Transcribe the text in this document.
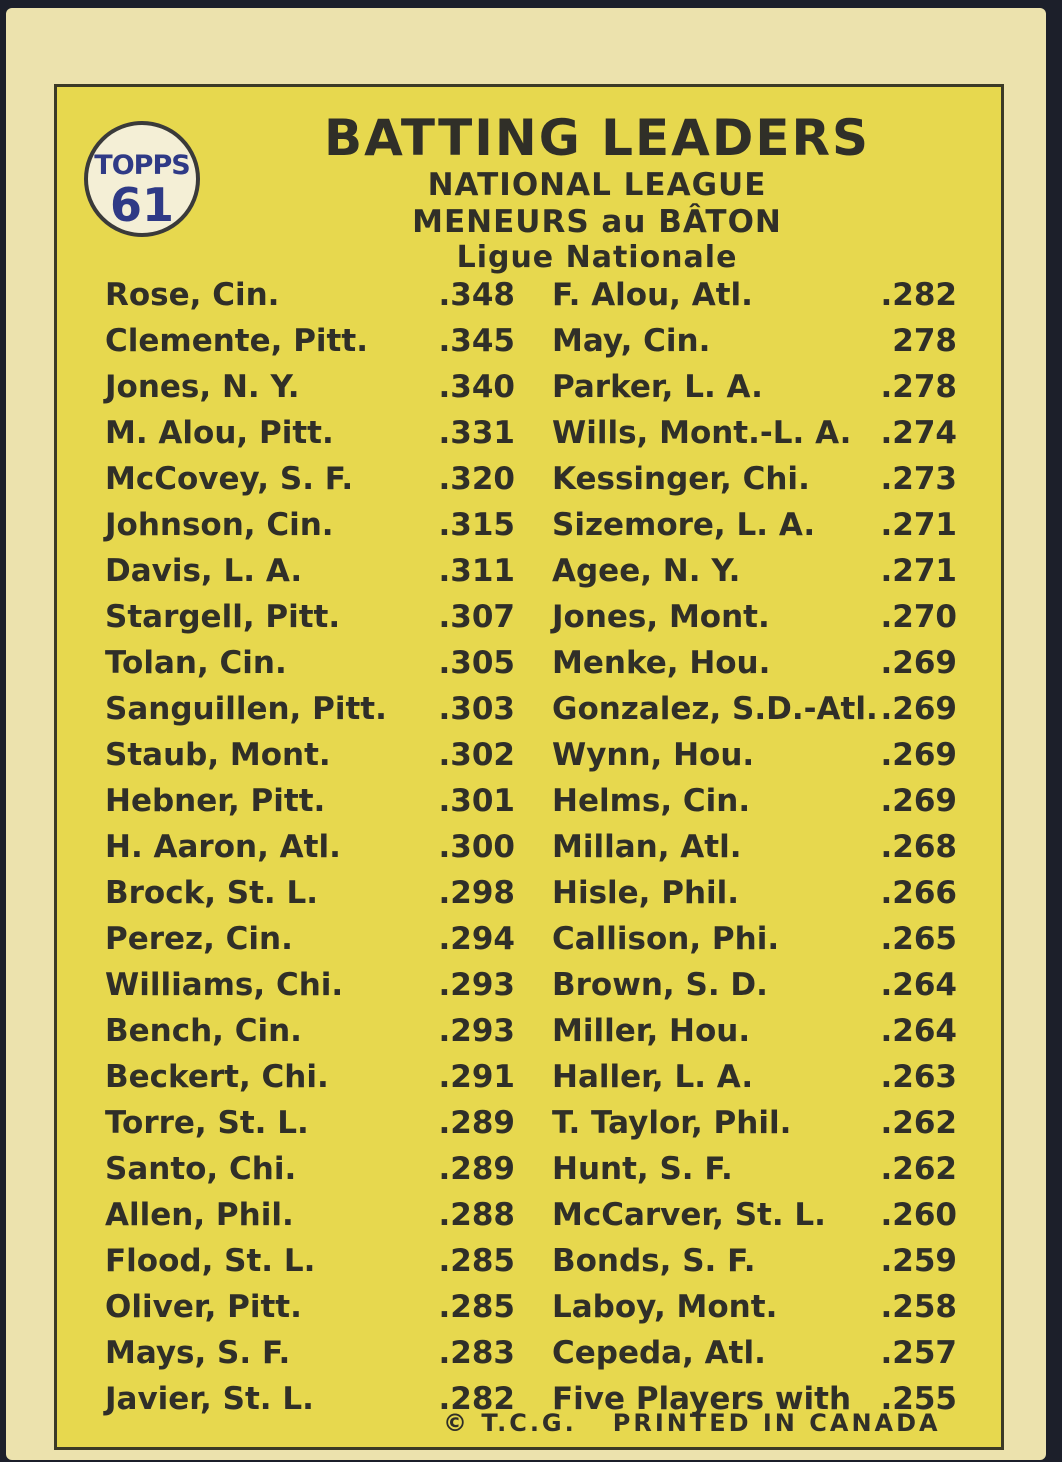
TOPPS
61
BATTING LEADERS
NATIONAL LEAGUE
MENEURS au BÂTON
Ligue Nationale
Rose, Cin.	.348 F. Alou, Atl.	.282
Clemente, Pitt. .345 May, Cin.	278
Jones, N. Y.	.340 Parker, L. A.	.278
M. Alou, Pitt.	.331 Wills, Mont.-L. A. .274
McCovey, S. F.	.320 Kessinger, Chi. .273
Johnson, Cin.	.315 Sizemore, L. A. .271
Davis, L. A.	.311 Agee, N. Y.	.271
Stargell, Pitt.	.307 Jones, Mont.	.270
Tolan, Cin.	.305 Menke, Hou.	.269
Sanguillen, Pitt. .303 Gonzalez, S.D.-Atl. .269
Staub, Mont.	.302 Wynn, Hou.	.269
Hebner, Pitt.	.301 Helms, Cin.	.269
H. Aaron, Atl.	.300 Millan, Atl.	.268
Brock, St. L.	.298 Hisle, Phil.	.266
Perez, Cin.	.294 Callison, Phi.	.265
Williams, Chi.	.293 Brown, S. D.	.264
Bench, Cin.	.293 Miller, Hou.	.264
Beckert, Chi.	.291 Haller, L. A.	.263
Torre, St. L.	.289 T. Taylor, Phil.	.262
Santo, Chi.	.289 Hunt, S. F.	.262
Allen, Phil.	.288 McCarver, St. L. .260
Flood, St. L.	.285 Bonds, S. F.	.259
Oliver, Pitt.	.285 Laboy, Mont.	.258
Mays, S. F.	.283 Cepeda, Atl.	.257
Javier, St. L.	.282 Five Players with .255
© T.C.G. PRINTED IN CANADA
